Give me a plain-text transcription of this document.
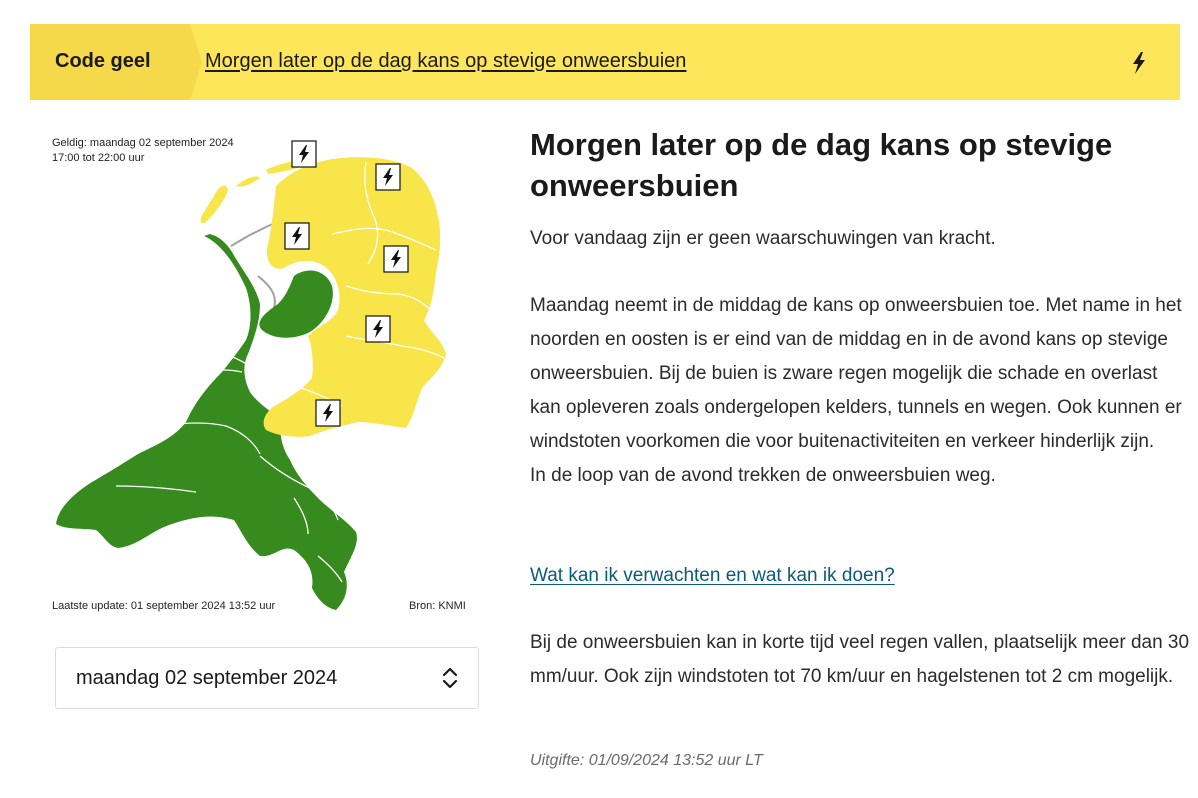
Code geel	Morgen later op de dag kans op stevige onweersbuien
Geldig: maandag 02 september 2024
17:00 tot 22:00 uur
Laatste update: 01 september 2024 13:52 uur	Bron: KNMI
maandag 02 september 2024
Morgen later op de dag kans op stevige onweersbuien

Voor vandaag zijn er geen waarschuwingen van kracht.

Maandag neemt in de middag de kans op onweersbuien toe. Met name in het noorden en oosten is er eind van de middag en in de avond kans op stevige onweersbuien. Bij de buien is zware regen mogelijk die schade en overlast kan opleveren zoals ondergelopen kelders, tunnels en wegen. Ook kunnen er windstoten voorkomen die voor buitenactiviteiten en verkeer hinderlijk zijn.

In de loop van de avond trekken de onweersbuien weg.

Wat kan ik verwachten en wat kan ik doen?

Bij de onweersbuien kan in korte tijd veel regen vallen, plaatselijk meer dan 30 mm/uur. Ook zijn windstoten tot 70 km/uur en hagelstenen tot 2 cm mogelijk.

Uitgifte: 01/09/2024 13:52 uur LT
